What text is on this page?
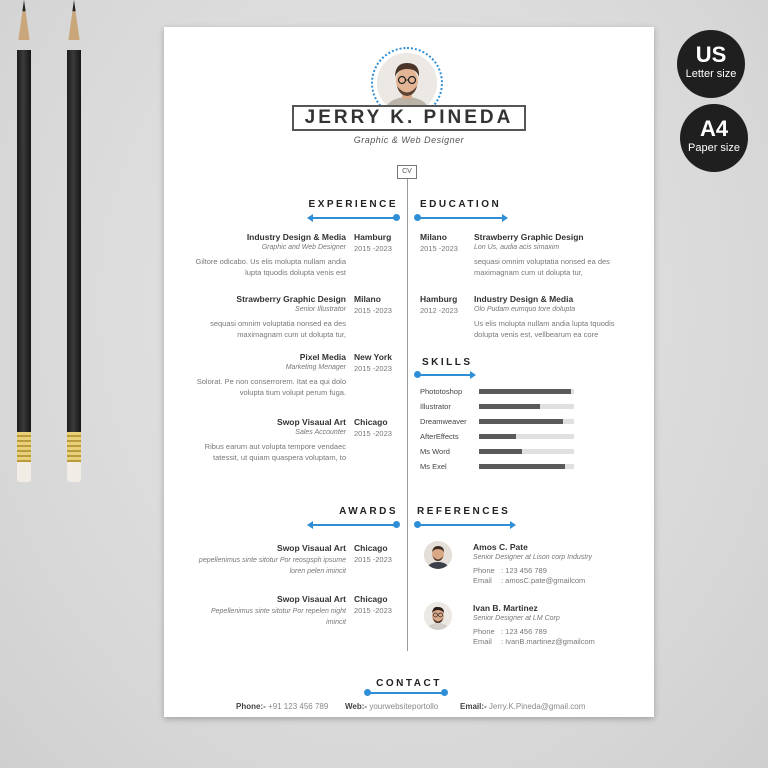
US
Letter size
A4
Paper size
JERRY K. PINEDA
Graphic & Web Designer
CV
EXPERIENCE
Industry Design & Media
Graphic and Web Designer
Hamburg
2015 -2023
Giltore odicabo. Us elis molupta nullam andia lupta tquodis dolupta venis est
Strawberry Graphic Design
Senior Illustrator
Milano
2015 -2023
sequasi omnim voluptatia nonsed ea des maximagnam cum ut dolupta tur,
Pixel Media
Marketing Menager
New York
2015 -2023
Solorat. Pe non conserrorem. Itat ea qui dolo volupta tium volupit perum fuga.
Swop Visaual Art
Sales Accounter
Chicago
2015 -2023
Ribus earum aut volupta tempore vendaec tatessit, ut quiam quaspera voluptam, to
EDUCATION
Milano
2015 -2023
Strawberry Graphic Design
Lon Us, audia acis simaxim
sequasi omnim voluptatia nonsed ea des maximagnam cum ut dolupta tur,
Hamburg
2012 -2023
Industry Design & Media
Olo Pudam eumquo tore dolupta
Us elis molupta nullam andia lupta tquodis dolupta venis est, vellbearum ea core
SKILLS
AWARDS
Swop Visaual Art
pepellenimus sinte sitotur Por reosgsph ipsume loren pelen imincit
Chicago
2015 -2023
Swop Visaual Art
Pepellenimus sinte sitotur Por repelen night imincit
Chicago
2015 -2023
REFERENCES
Amos C. Pate
Senior Designer at Lison corp Industry
Phone : 123 456 789
Email : amosC.pate@gmailcom
Ivan B. Martinez
Senior Designer at LM Corp
Phone : 123 456 789
Email : IvanB.martinez@gmailcom
CONTACT
Phone:- +91 123 456 789 Web:- yourwebsiteportollo	Email:- Jerry.K.Pineda@gmail.com
Phototoshop
Illustrator
Dreamweaver
AfterEffects
Ms Word
Ms Exel
